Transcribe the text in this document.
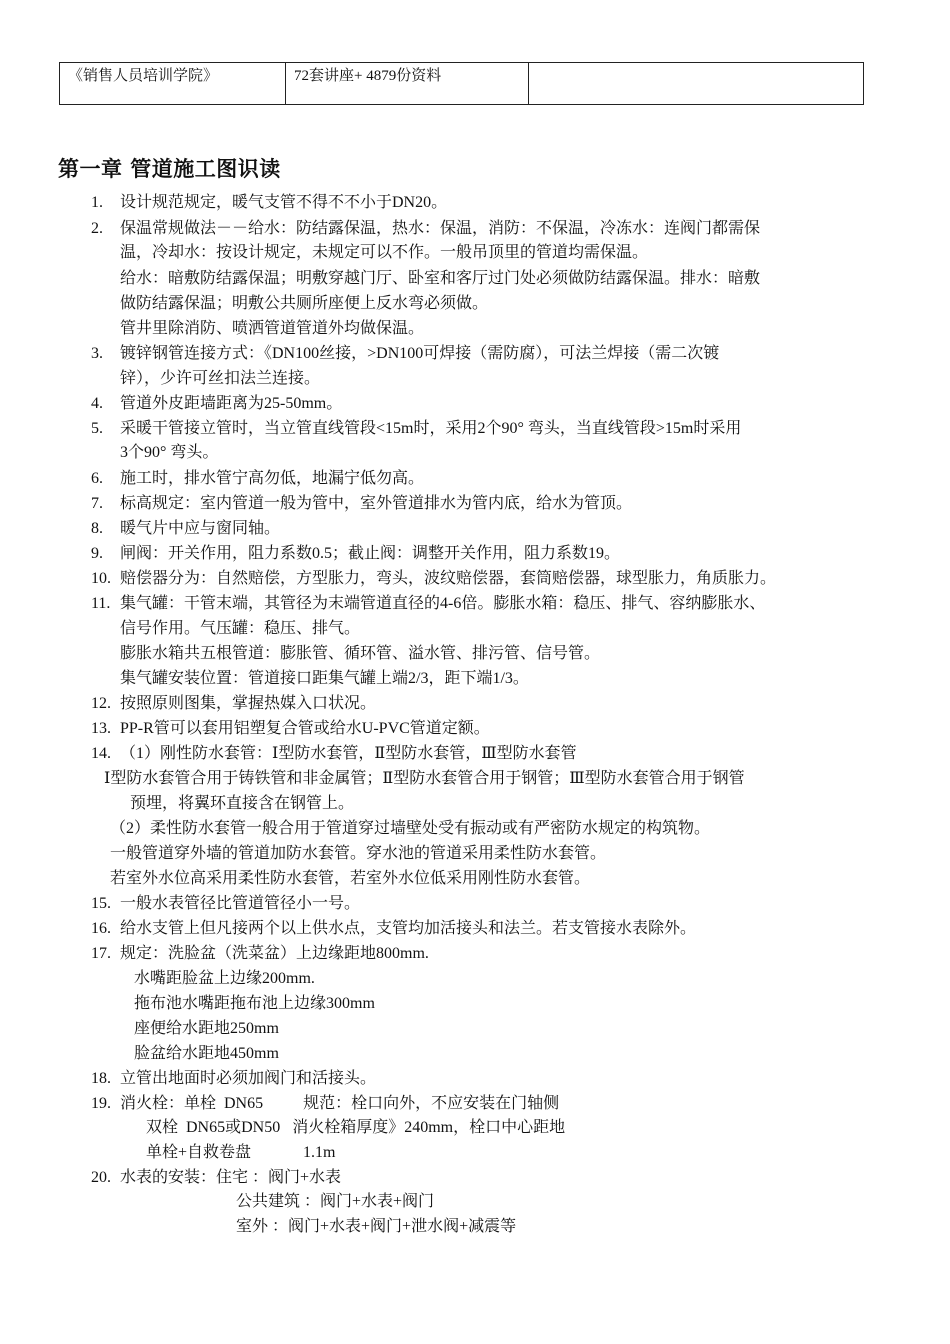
《销售人员培训学院》	72套讲座+ 4879份资料	
第一章 管道施工图识读
1. 设计规范规定，暖气支管不得不不小于DN20。
2. 保温常规做法－－给水：防结露保温，热水：保温，消防：不保温，冷冻水：连阀门都需保
温，冷却水：按设计规定，未规定可以不作。一般吊顶里的管道均需保温。
给水：暗敷防结露保温；明敷穿越门厅、卧室和客厅过门处必须做防结露保温。排水：暗敷
做防结露保温；明敷公共厕所座便上反水弯必须做。
管井里除消防、喷洒管道管道外均做保温。
3. 镀锌钢管连接方式：《DN100丝接，>DN100可焊接（需防腐），可法兰焊接（需二次镀
锌），少许可丝扣法兰连接。
4. 管道外皮距墙距离为25-50mm。
5. 采暖干管接立管时，当立管直线管段<15m时，采用2个90° 弯头，当直线管段>15m时采用
3个90° 弯头。
6. 施工时，排水管宁高勿低，地漏宁低勿高。
7. 标高规定：室内管道一般为管中，室外管道排水为管内底，给水为管顶。
8. 暖气片中应与窗同轴。
9. 闸阀：开关作用，阻力系数0.5；截止阀：调整开关作用，阻力系数19。
10. 赔偿器分为：自然赔偿，方型胀力，弯头，波纹赔偿器，套筒赔偿器，球型胀力，角质胀力。
11. 集气罐：干管末端，其管径为末端管道直径的4-6倍。膨胀水箱：稳压、排气、容纳膨胀水、
信号作用。气压罐：稳压、排气。
膨胀水箱共五根管道：膨胀管、循环管、溢水管、排污管、信号管。
集气罐安装位置：管道接口距集气罐上端2/3，距下端1/3。
12. 按照原则图集，掌握热媒入口状况。
13. PP-R管可以套用铝塑复合管或给水U-PVC管道定额。
14. （1）刚性防水套管：Ⅰ型防水套管，Ⅱ型防水套管，Ⅲ型防水套管
Ⅰ型防水套管合用于铸铁管和非金属管；Ⅱ型防水套管合用于钢管；Ⅲ型防水套管合用于钢管
预埋，将翼环直接含在钢管上。
（2）柔性防水套管一般合用于管道穿过墙壁处受有振动或有严密防水规定的构筑物。
一般管道穿外墙的管道加防水套管。穿水池的管道采用柔性防水套管。
若室外水位高采用柔性防水套管，若室外水位低采用刚性防水套管。
15. 一般水表管径比管道管径小一号。
16. 给水支管上但凡接两个以上供水点，支管均加活接头和法兰。若支管接水表除外。
17. 规定：洗脸盆（洗菜盆）上边缘距地800mm.
水嘴距脸盆上边缘200mm.
拖布池水嘴距拖布池上边缘300mm
座便给水距地250mm
脸盆给水距地450mm
18. 立管出地面时必须加阀门和活接头。
19. 消火栓：单栓  DN65          规范：栓口向外，不应安装在门轴侧
双栓  DN65或DN50   消火栓箱厚度》240mm，栓口中心距地
单栓+自救卷盘             1.1m
20. 水表的安装：住宅 ：阀门+水表
公共建筑 ：阀门+水表+阀门
室外 ：阀门+水表+阀门+泄水阀+减震等
